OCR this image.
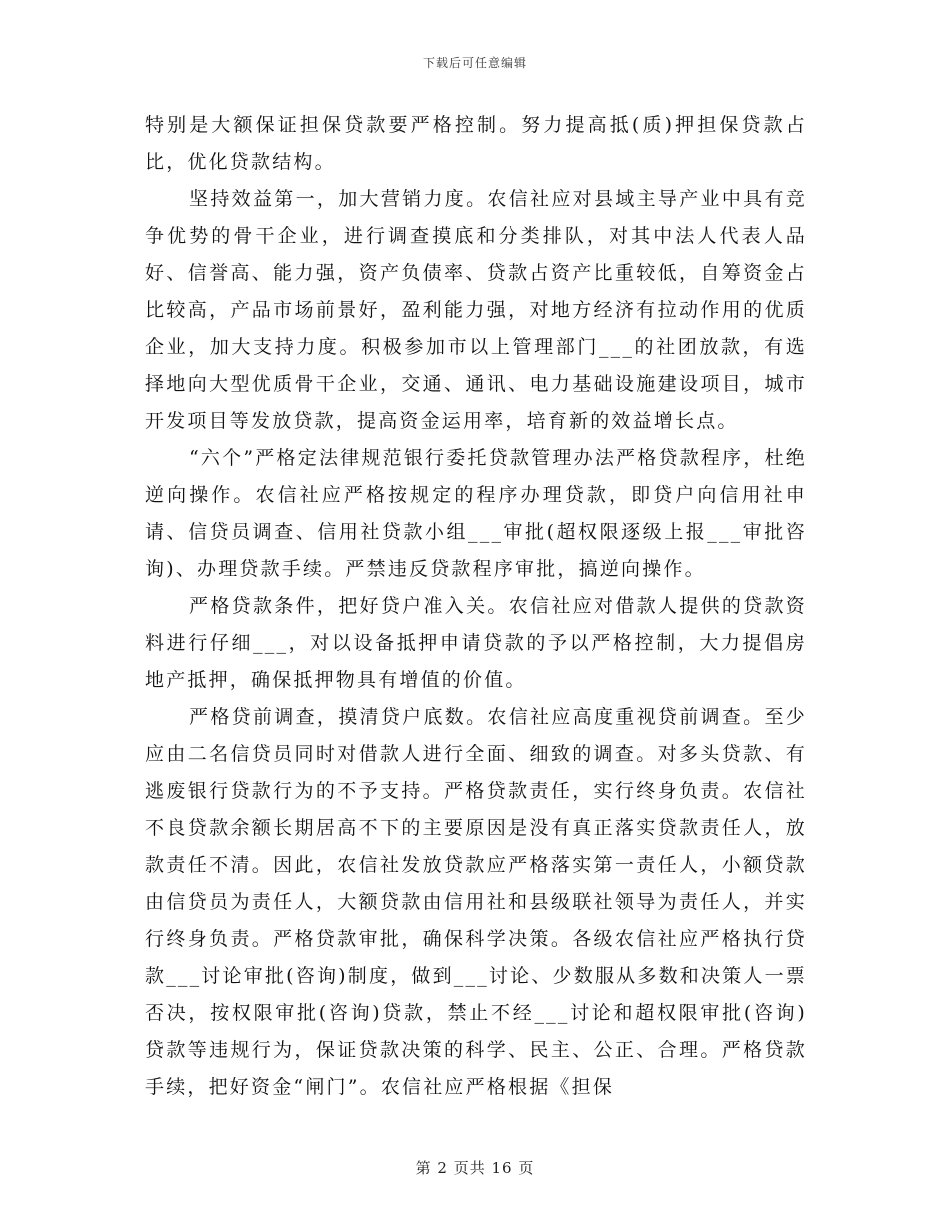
下载后可任意编辑

特别是大额保证担保贷款要严格控制。努力提高抵(质)押担保贷款占比，优化贷款结构。

坚持效益第一，加大营销力度。农信社应对县域主导产业中具有竞争优势的骨干企业，进行调查摸底和分类排队，对其中法人代表人品好、信誉高、能力强，资产负债率、贷款占资产比重较低，自筹资金占比较高，产品市场前景好，盈利能力强，对地方经济有拉动作用的优质企业，加大支持力度。积极参加市以上管理部门___的社团放款，有选择地向大型优质骨干企业，交通、通讯、电力基础设施建设项目，城市开发项目等发放贷款，提高资金运用率，培育新的效益增长点。

“六个”严格定法律规范银行委托贷款管理办法严格贷款程序，杜绝逆向操作。农信社应严格按规定的程序办理贷款，即贷户向信用社申请、信贷员调查、信用社贷款小组___审批(超权限逐级上报___审批咨询)、办理贷款手续。严禁违反贷款程序审批，搞逆向操作。

严格贷款条件，把好贷户准入关。农信社应对借款人提供的贷款资料进行仔细___，对以设备抵押申请贷款的予以严格控制，大力提倡房地产抵押，确保抵押物具有增值的价值。

严格贷前调查，摸清贷户底数。农信社应高度重视贷前调查。至少应由二名信贷员同时对借款人进行全面、细致的调查。对多头贷款、有逃废银行贷款行为的不予支持。严格贷款责任，实行终身负责。农信社不良贷款余额长期居高不下的主要原因是没有真正落实贷款责任人，放款责任不清。因此，农信社发放贷款应严格落实第一责任人，小额贷款由信贷员为责任人，大额贷款由信用社和县级联社领导为责任人，并实行终身负责。严格贷款审批，确保科学决策。各级农信社应严格执行贷款___讨论审批(咨询)制度，做到___讨论、少数服从多数和决策人一票否决，按权限审批(咨询)贷款，禁止不经___讨论和超权限审批(咨询)贷款等违规行为，保证贷款决策的科学、民主、公正、合理。严格贷款手续，把好资金“闸门”。农信社应严格根据《担保

第 2 页共 16 页
